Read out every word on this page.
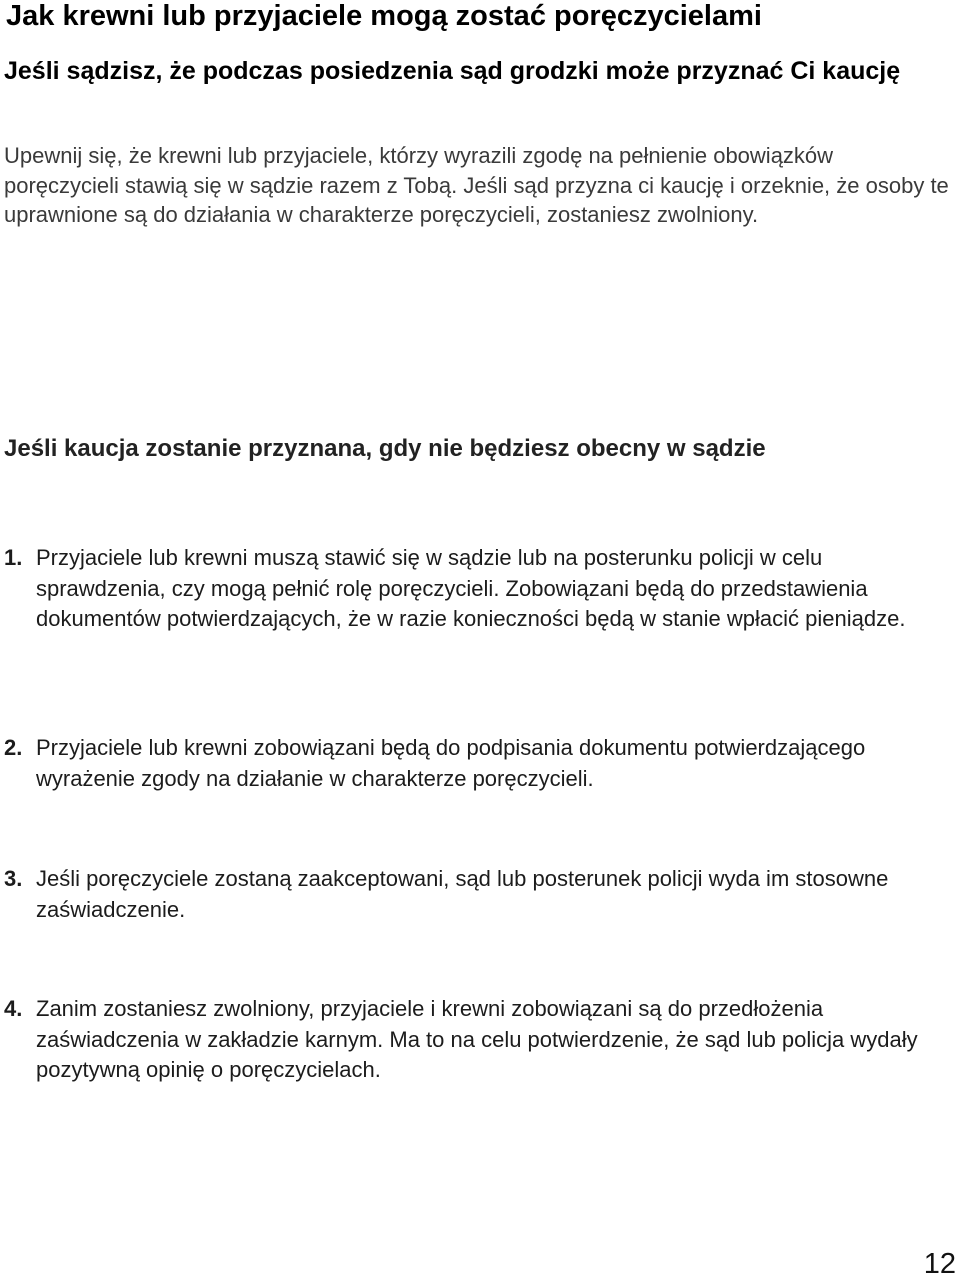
Jak krewni lub przyjaciele mogą zostać poręczycielami
Jeśli sądzisz, że podczas posiedzenia sąd grodzki może przyznać Ci kaucję

Upewnij się, że krewni lub przyjaciele, którzy wyrazili zgodę na pełnienie obowiązków poręczycieli stawią się w sądzie razem z Tobą. Jeśli sąd przyzna ci kaucję i orzeknie, że osoby te uprawnione są do działania w charakterze poręczycieli, zostaniesz zwolniony.

Jeśli kaucja zostanie przyznana, gdy nie będziesz obecny w sądzie
1. Przyjaciele lub krewni muszą stawić się w sądzie lub na posterunku policji w celu sprawdzenia, czy mogą pełnić rolę poręczycieli. Zobowiązani będą do przedstawienia dokumentów potwierdzających, że w razie konieczności będą w stanie wpłacić pieniądze.
2. Przyjaciele lub krewni zobowiązani będą do podpisania dokumentu potwierdzającego wyrażenie zgody na działanie w charakterze poręczycieli.
3. Jeśli poręczyciele zostaną zaakceptowani, sąd lub posterunek policji wyda im stosowne zaświadczenie.
4. Zanim zostaniesz zwolniony, przyjaciele i krewni zobowiązani są do przedłożenia zaświadczenia w zakładzie karnym. Ma to na celu potwierdzenie, że sąd lub policja wydały pozytywną opinię o poręczycielach.
12
